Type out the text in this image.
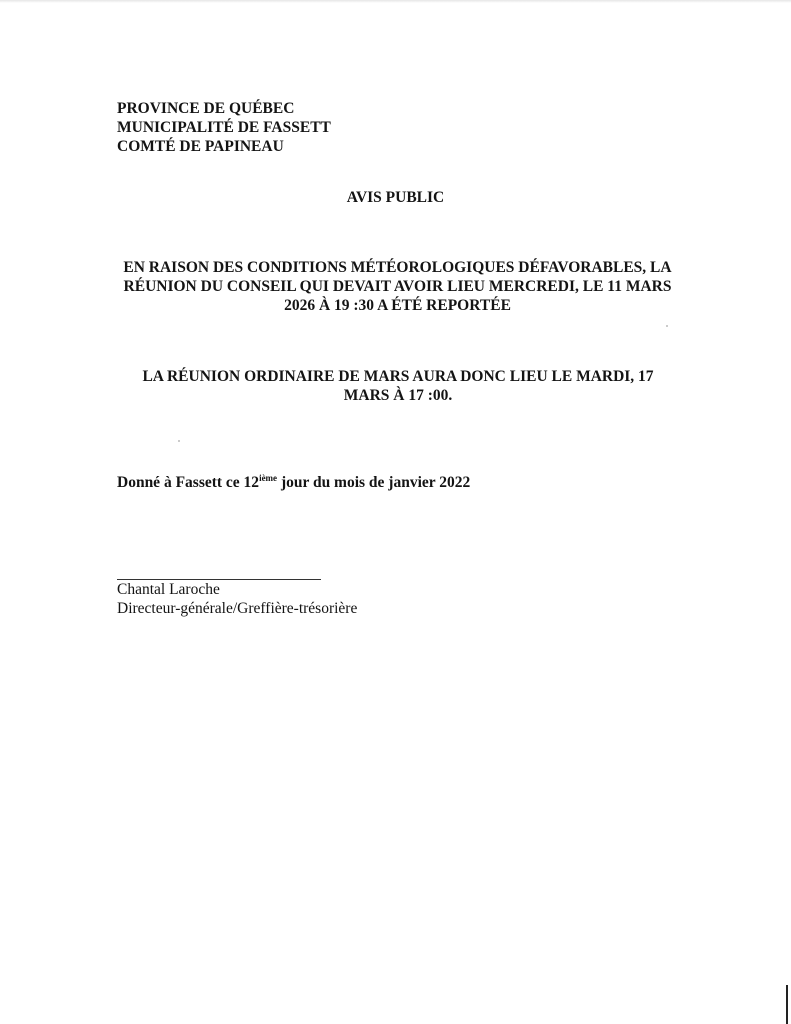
PROVINCE DE QUÉBEC
MUNICIPALITÉ DE FASSETT
COMTÉ DE PAPINEAU
AVIS PUBLIC
EN RAISON DES CONDITIONS MÉTÉOROLOGIQUES DÉFAVORABLES, LA
RÉUNION DU CONSEIL QUI DEVAIT AVOIR LIEU MERCREDI, LE 11 MARS
2026 À 19 :30 A ÉTÉ REPORTÉE
LA RÉUNION ORDINAIRE DE MARS AURA DONC LIEU LE MARDI, 17
MARS À 17 :00.
Donné à Fassett ce 12ième jour du mois de janvier 2022
Chantal Laroche
Directeur-générale/Greffière-trésorière
